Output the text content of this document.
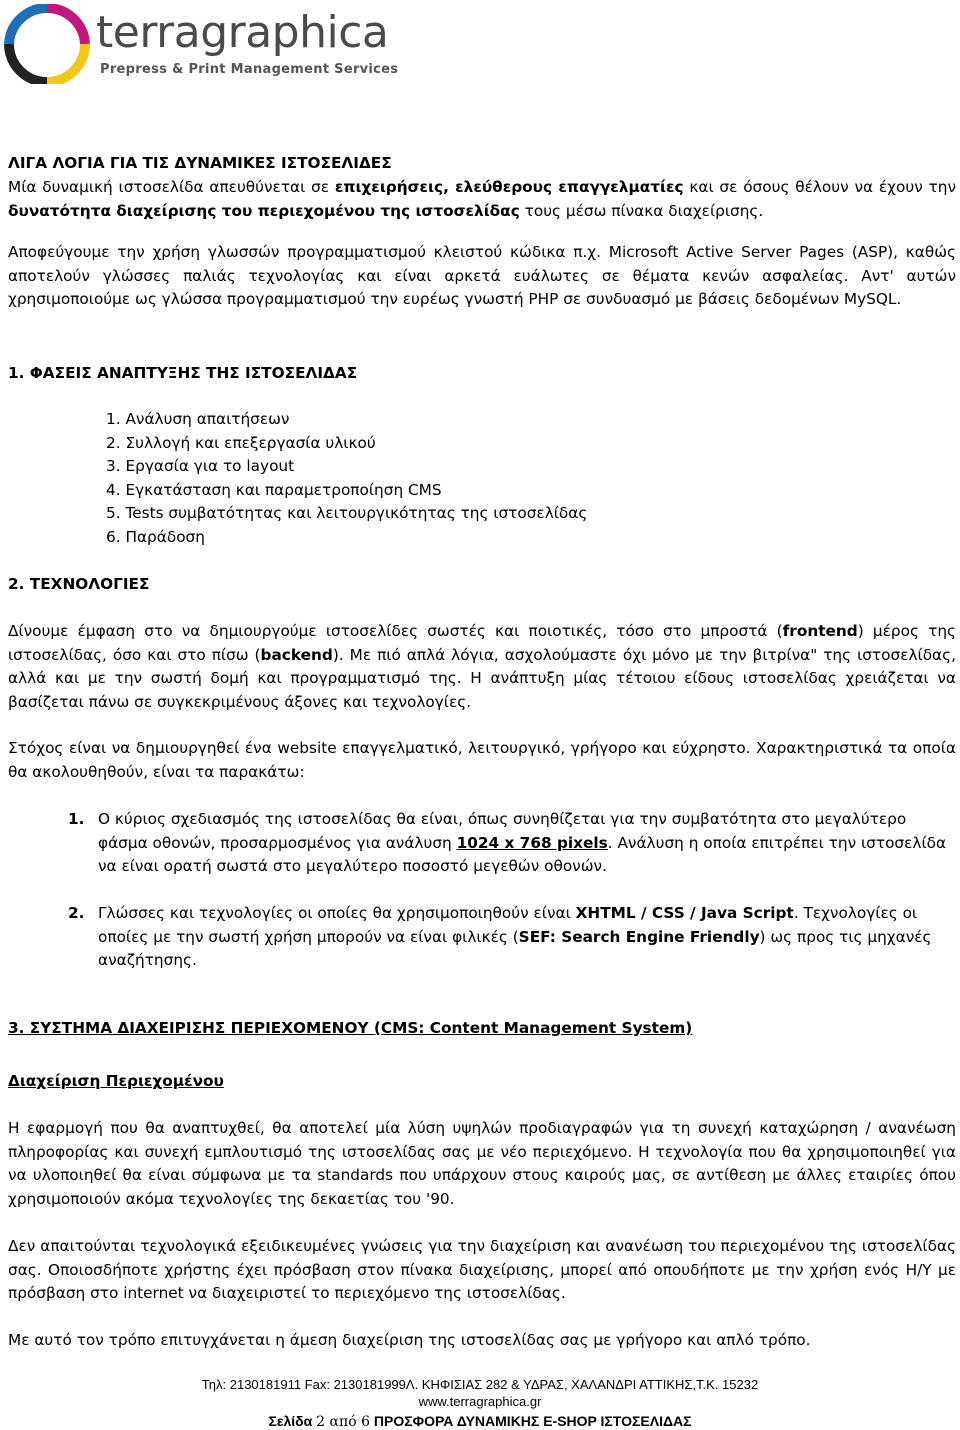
terragraphica
Prepress & Print Management Services
ΛΙΓΑ ΛΟΓΙΑ ΓΙΑ ΤΙΣ ΔΥΝΑΜΙΚΕΣ ΙΣΤΟΣΕΛΙΔΕΣ

Μία δυναμική ιστοσελίδα απευθύνεται σε επιχειρήσεις, ελεύθερους επαγγελματίες και σε όσους θέλουν να έχουν την δυνατότητα διαχείρισης του περιεχομένου της ιστοσελίδας τους μέσω πίνακα διαχείρισης.

Αποφεύγουμε την χρήση γλωσσών προγραμματισμού κλειστού κώδικα π.χ. Microsoft Active Server Pages (ASP), καθώς αποτελούν γλώσσες παλιάς τεχνολογίας και είναι αρκετά ευάλωτες σε θέματα κενών ασφαλείας. Αντ' αυτών χρησιμοποιούμε ως γλώσσα προγραμματισμού την ευρέως γνωστή PHP σε συνδυασμό με βάσεις δεδομένων MySQL.

1. ΦΑΣΕΙΣ ΑΝΑΠΤΥΞΗΣ ΤΗΣ ΙΣΤΟΣΕΛΙΔΑΣ
1. Ανάλυση απαιτήσεων
2. Συλλογή και επεξεργασία υλικού
3. Εργασία για το layout
4. Εγκατάσταση και παραμετροποίηση CMS
5. Tests συμβατότητας και λειτουργικότητας της ιστοσελίδας
6. Παράδοση
2. ΤΕΧΝΟΛΟΓΙΕΣ

Δίνουμε έμφαση στο να δημιουργούμε ιστοσελίδες σωστές και ποιοτικές, τόσο στο μπροστά (frontend) μέρος της ιστοσελίδας, όσο και στο πίσω (backend). Με πιό απλά λόγια, ασχολούμαστε όχι μόνο με την βιτρίνα" της ιστοσελίδας, αλλά και με την σωστή δομή και προγραμματισμό της. Η ανάπτυξη μίας τέτοιου είδους ιστοσελίδας χρειάζεται να βασίζεται πάνω σε συγκεκριμένους άξονες και τεχνολογίες.

Στόχος είναι να δημιουργηθεί ένα website επαγγελματικό, λειτουργικό, γρήγορο και εύχρηστο. Χαρακτηριστικά τα οποία θα ακολουθηθούν, είναι τα παρακάτω:

1. Ο κύριος σχεδιασμός της ιστοσελίδας θα είναι, όπως συνηθίζεται για την συμβατότητα στο μεγαλύτερο φάσμα οθονών, προσαρμοσμένος για ανάλυση 1024 x 768 pixels. Ανάλυση η οποία επιτρέπει την ιστοσελίδα να είναι ορατή σωστά στο μεγαλύτερο ποσοστό μεγεθών οθονών.

2. Γλώσσες και τεχνολογίες οι οποίες θα χρησιμοποιηθούν είναι XHTML / CSS / Java Script. Τεχνολογίες οι οποίες με την σωστή χρήση μπορούν να είναι φιλικές (SEF: Search Engine Friendly) ως προς τις μηχανές αναζήτησης.

3. ΣΥΣΤΗΜΑ ΔΙΑΧΕΙΡΙΣΗΣ ΠΕΡΙΕΧΟΜΕΝΟΥ (CMS: Content Management System)
Διαχείριση Περιεχομένου

Η εφαρμογή που θα αναπτυχθεί, θα αποτελεί μία λύση υψηλών προδιαγραφών για τη συνεχή καταχώρηση / ανανέωση πληροφορίας και συνεχή εμπλουτισμό της ιστοσελίδας σας με νέο περιεχόμενο. Η τεχνολογία που θα χρησιμοποιηθεί για να υλοποιηθεί θα είναι σύμφωνα με τα standards που υπάρχουν στους καιρούς μας, σε αντίθεση με άλλες εταιρίες όπου χρησιμοποιούν ακόμα τεχνολογίες της δεκαετίας του '90.

Δεν απαιτούνται τεχνολογικά εξειδικευμένες γνώσεις για την διαχείριση και ανανέωση του περιεχομένου της ιστοσελίδας σας. Οποιοσδήποτε χρήστης έχει πρόσβαση στον πίνακα διαχείρισης, μπορεί από οπουδήποτε με την χρήση ενός Η/Υ με πρόσβαση στο internet να διαχειριστεί το περιεχόμενο της ιστοσελίδας.

Με αυτό τον τρόπο επιτυγχάνεται η άμεση διαχείριση της ιστοσελίδας σας με γρήγορο και απλό τρόπο.

Τηλ: 2130181911 Fax: 2130181999Λ. ΚΗΦΙΣΙΑΣ 282 & ΥΔΡΑΣ, ΧΑΛΑΝΔΡΙ ΑΤΤΙΚΗΣ,Τ.Κ. 15232
www.terragraphica.gr
Σελίδα 2 από 6 ΠΡΟΣΦΟΡΑ ΔΥΝΑΜΙΚΗΣ E-SHOP ΙΣΤΟΣΕΛΙΔΑΣ
